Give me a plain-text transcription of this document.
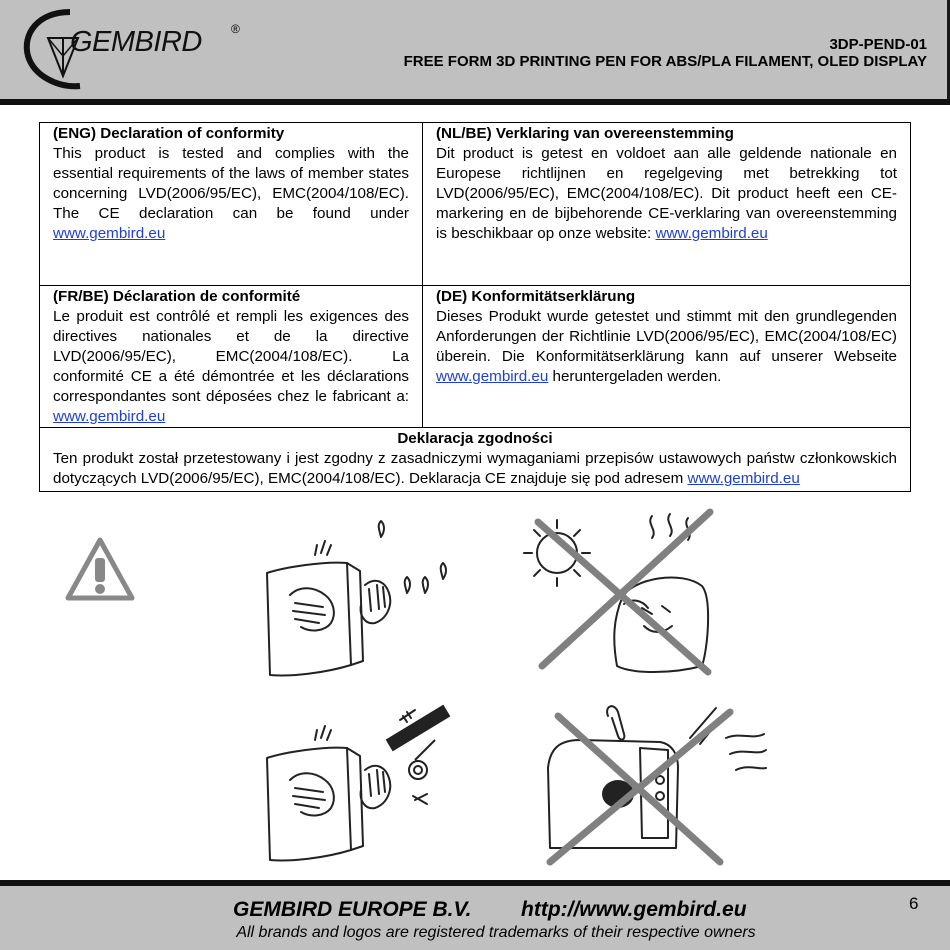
GEMBIRD ®
3DP-PEND-01
FREE FORM 3D PRINTING PEN FOR ABS/PLA FILAMENT, OLED DISPLAY
(ENG) Declaration of conformity
This product is tested and complies with the essential requirements of the laws of member states concerning LVD(2006/95/EC), EMC(2004/108/EC). The CE declaration can be found under www.gembird.eu
(NL/BE) Verklaring van overeenstemming
Dit product is getest en voldoet aan alle geldende nationale en Europese richtlijnen en regelgeving met betrekking tot LVD(2006/95/EC), EMC(2004/108/EC). Dit product heeft een CE-markering en de bijbehorende CE-verklaring van overeenstemming is beschikbaar op onze website: www.gembird.eu
(FR/BE) Déclaration de conformité
Le produit est contrôlé et rempli les exigences des directives nationales et de la directive LVD(2006/95/EC), EMC(2004/108/EC). La conformité CE a été démontrée et les déclarations correspondantes sont déposées chez le fabricant a: www.gembird.eu
(DE) Konformitätserklärung
Dieses Produkt wurde getestet und stimmt mit den grundlegenden Anforderungen der Richtlinie LVD(2006/95/EC), EMC(2004/108/EC) überein. Die Konformitätserklärung kann auf unserer Webseite www.gembird.eu heruntergeladen werden.
Deklaracja zgodności
Ten produkt został przetestowany i jest zgodny z zasadniczymi wymaganiami przepisów ustawowych państw członkowskich dotyczących LVD(2006/95/EC), EMC(2004/108/EC). Deklaracja CE znajduje się pod adresem www.gembird.eu
GEMBIRD EUROPE B.V. http://www.gembird.eu	6
All brands and logos are registered trademarks of their respective owners
